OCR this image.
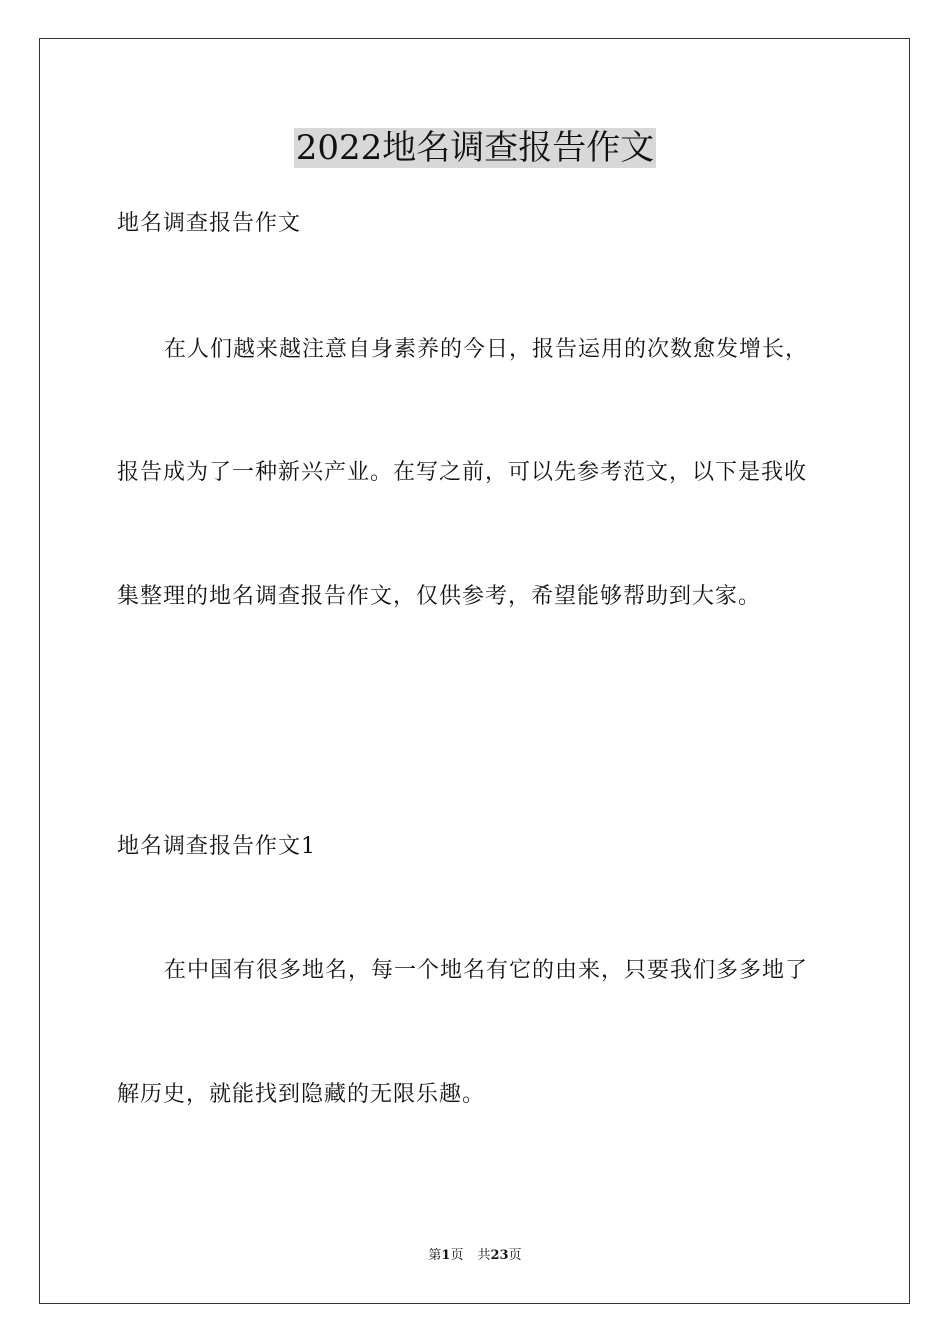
2022地名调查报告作文

地名调查报告作文

在人们越来越注意自身素养的今日，报告运用的次数愈发增长，

报告成为了一种新兴产业。在写之前，可以先参考范文，以下是我收

集整理的地名调查报告作文，仅供参考，希望能够帮助到大家。

地名调查报告作文1

在中国有很多地名，每一个地名有它的由来，只要我们多多地了

解历史，就能找到隐藏的无限乐趣。

第1页 共23页
